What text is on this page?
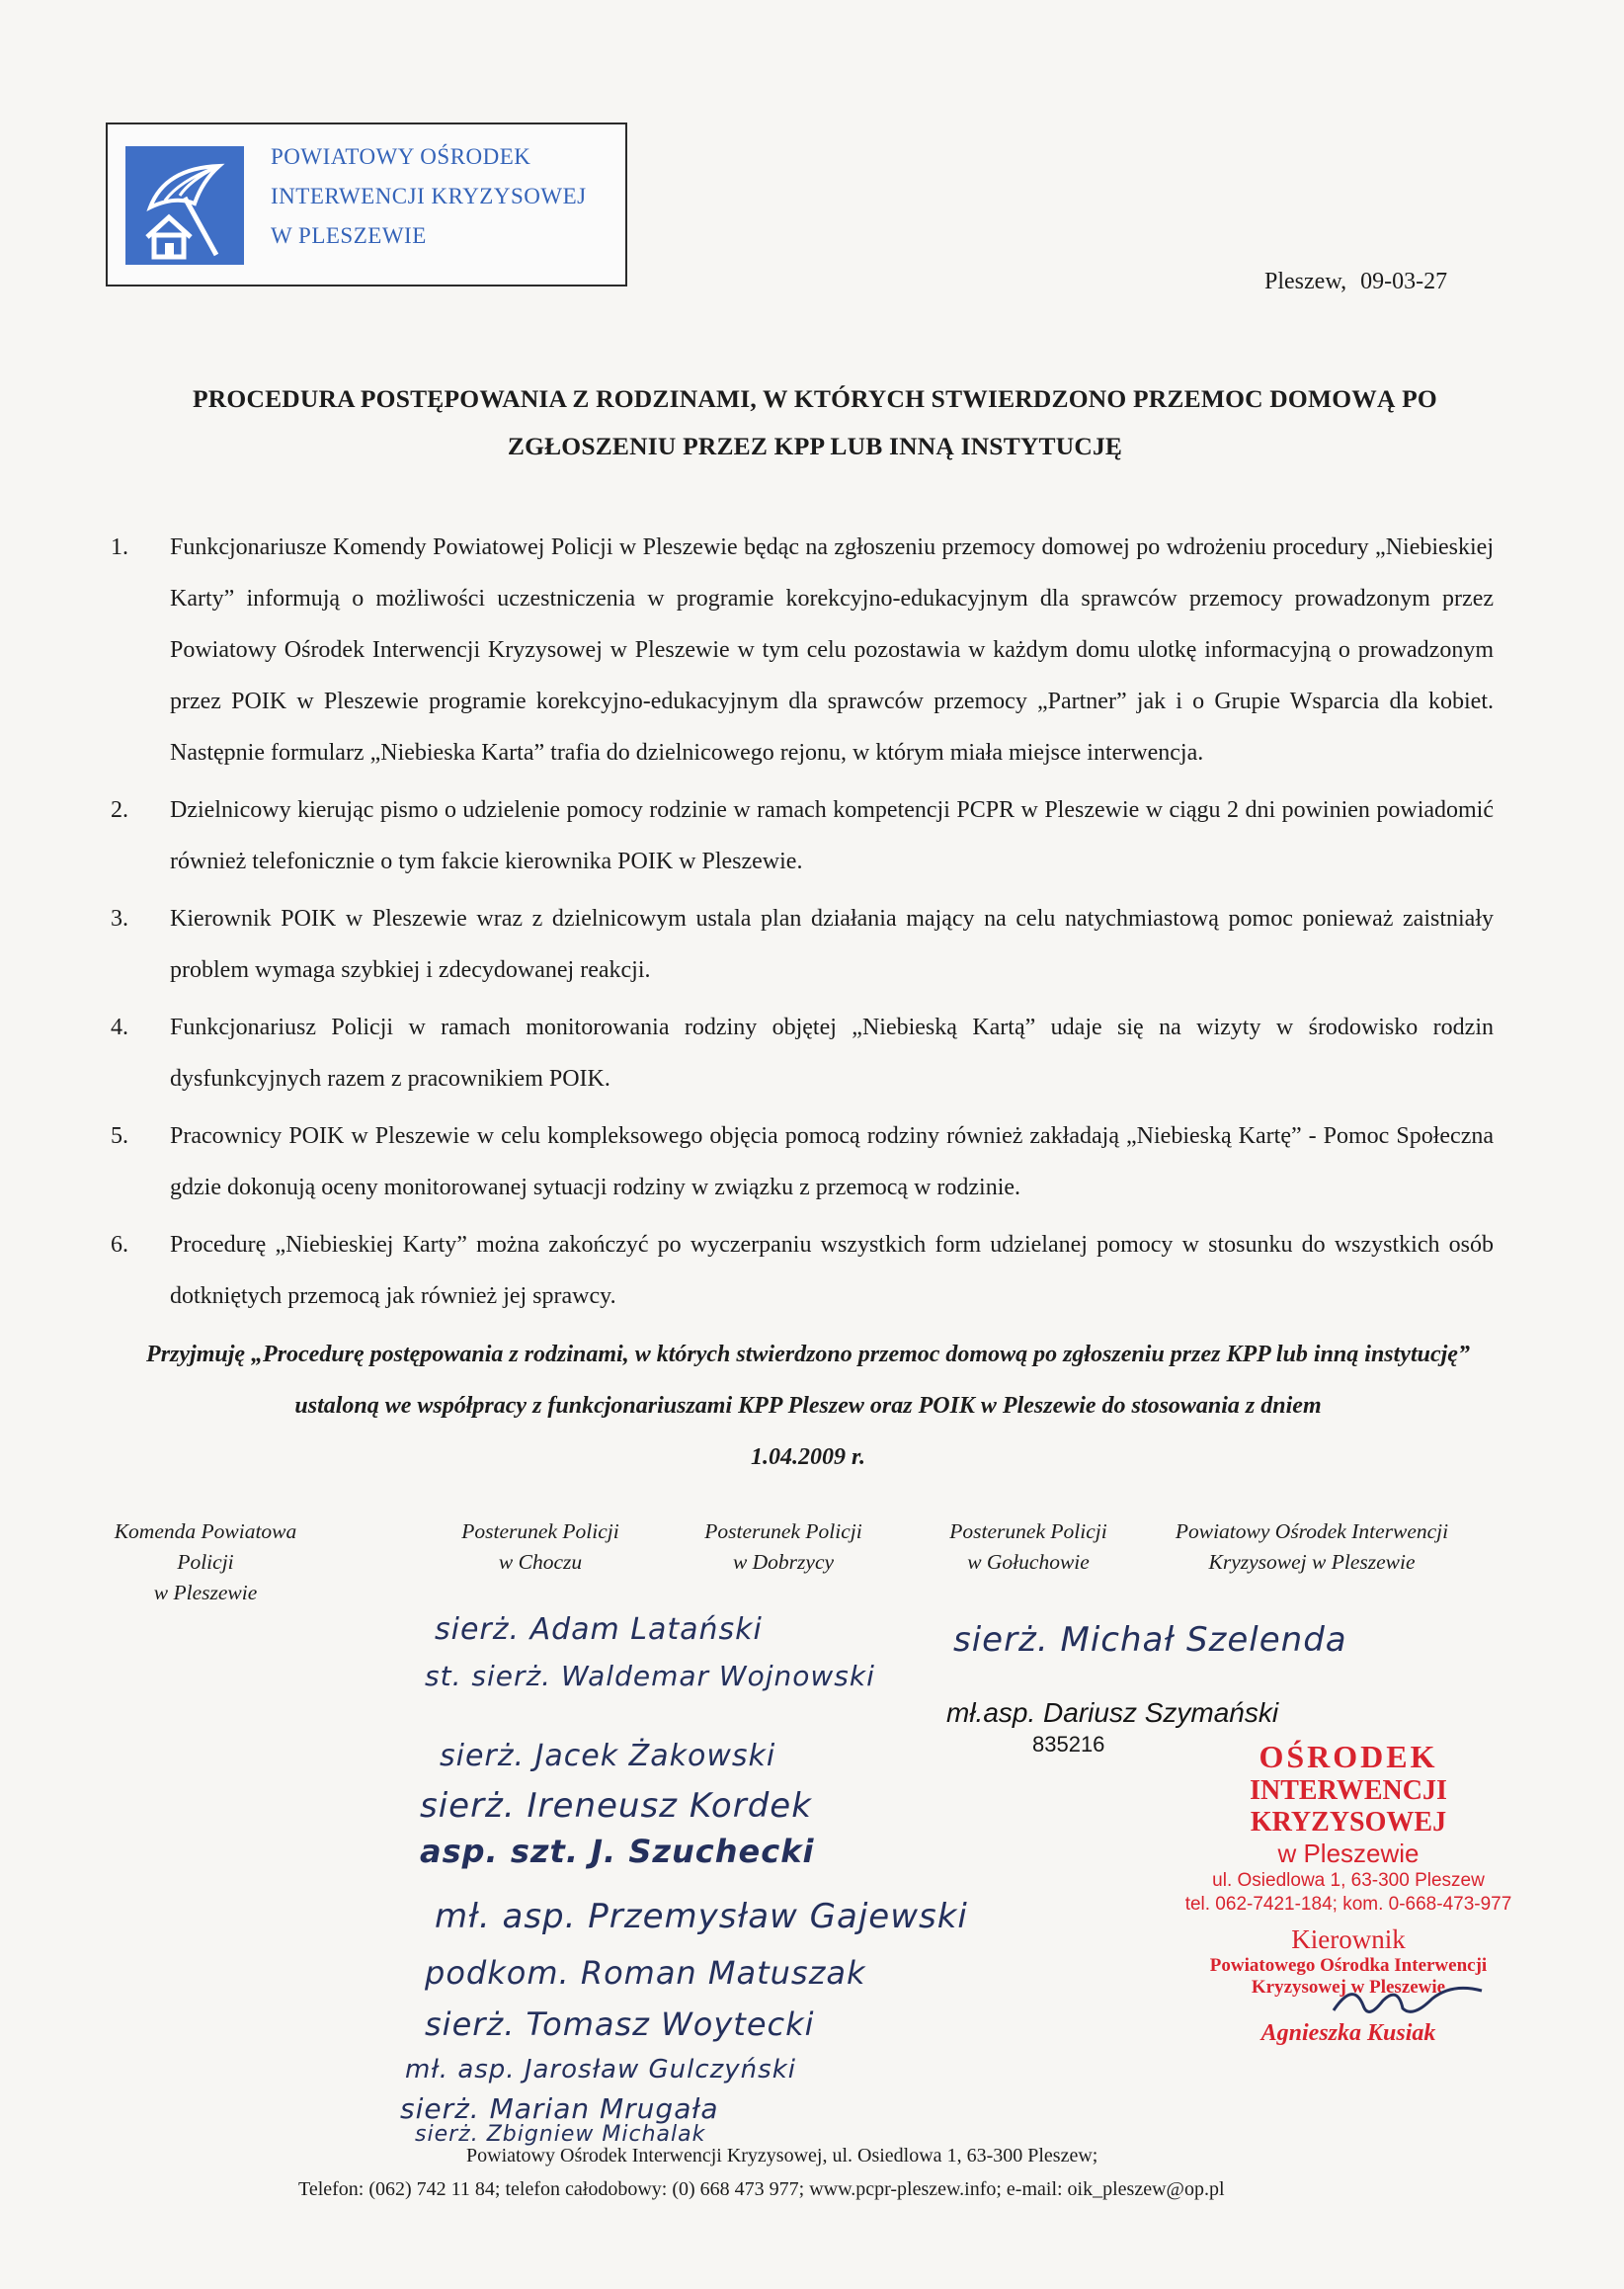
POWIATOWY OŚRODEK
INTERWENCJI KRYZYSOWEJ
W PLESZEWIE
Pleszew, 09-03-27
PROCEDURA POSTĘPOWANIA Z RODZINAMI, W KTÓRYCH STWIERDZONO PRZEMOC DOMOWĄ PO ZGŁOSZENIU PRZEZ KPP LUB INNĄ INSTYTUCJĘ
1. Funkcjonariusze Komendy Powiatowej Policji w Pleszewie będąc na zgłoszeniu przemocy domowej po wdrożeniu procedury „Niebieskiej Karty” informują o możliwości uczestniczenia w programie korekcyjno-edukacyjnym dla sprawców przemocy prowadzonym przez Powiatowy Ośrodek Interwencji Kryzysowej w Pleszewie w tym celu pozostawia w każdym domu ulotkę informacyjną o prowadzonym przez POIK w Pleszewie programie korekcyjno-edukacyjnym dla sprawców przemocy „Partner” jak i o Grupie Wsparcia dla kobiet. Następnie formularz „Niebieska Karta” trafia do dzielnicowego rejonu, w którym miała miejsce interwencja.
2. Dzielnicowy kierując pismo o udzielenie pomocy rodzinie w ramach kompetencji PCPR w Pleszewie w ciągu 2 dni powinien powiadomić również telefonicznie o tym fakcie kierownika POIK w Pleszewie.
3. Kierownik POIK w Pleszewie wraz z dzielnicowym ustala plan działania mający na celu natychmiastową pomoc ponieważ zaistniały problem wymaga szybkiej i zdecydowanej reakcji.
4. Funkcjonariusz Policji w ramach monitorowania rodziny objętej „Niebieską Kartą” udaje się na wizyty w środowisko rodzin dysfunkcyjnych razem z pracownikiem POIK.
5. Pracownicy POIK w Pleszewie w celu kompleksowego objęcia pomocą rodziny również zakładają „Niebieską Kartę” - Pomoc Społeczna gdzie dokonują oceny monitorowanej sytuacji rodziny w związku z przemocą w rodzinie.
6. Procedurę „Niebieskiej Karty” można zakończyć po wyczerpaniu wszystkich form udzielanej pomocy w stosunku do wszystkich osób dotkniętych przemocą jak również jej sprawcy.
Przyjmuję „Procedurę postępowania z rodzinami, w których stwierdzono przemoc domową po zgłoszeniu przez KPP lub inną instytucję” ustaloną we współpracy z funkcjonariuszami KPP Pleszew oraz POIK w Pleszewie do stosowania z dniem
1.04.2009 r.
Komenda Powiatowa Policji
w Pleszewie
Posterunek Policji
w Choczu
Posterunek Policji
w Dobrzycy
Posterunek Policji
w Gołuchowie
Powiatowy Ośrodek Interwencji
Kryzysowej w Pleszewie
sierż. Adam Latański
st. sierż. Waldemar Wojnowski
sierż. Jacek Żakowski
sierż. Ireneusz Kordek
asp. szt. J. Szuchecki
mł. asp. Przemysław Gajewski
podkom. Roman Matuszak
sierż. Tomasz Woytecki
mł. asp. Jarosław Gulczyński
sierż. Marian Mrugała
sierż. Zbigniew Michalak
sierż. Michał Szelenda
mł.asp. Dariusz Szymański
835216	OŚRODEK
INTERWENCJI KRYZYSOWEJ
w Pleszewie
ul. Osiedlowa 1, 63-300 Pleszew
tel. 062-7421-184; kom. 0-668-473-977
Kierownik
Powiatowego Ośrodka Interwencji
Kryzysowej w Pleszewie
Agnieszka Kusiak
Powiatowy Ośrodek Interwencji Kryzysowej, ul. Osiedlowa 1, 63-300 Pleszew;
Telefon: (062) 742 11 84; telefon całodobowy: (0) 668 473 977; www.pcpr-pleszew.info; e-mail: oik_pleszew@op.pl
